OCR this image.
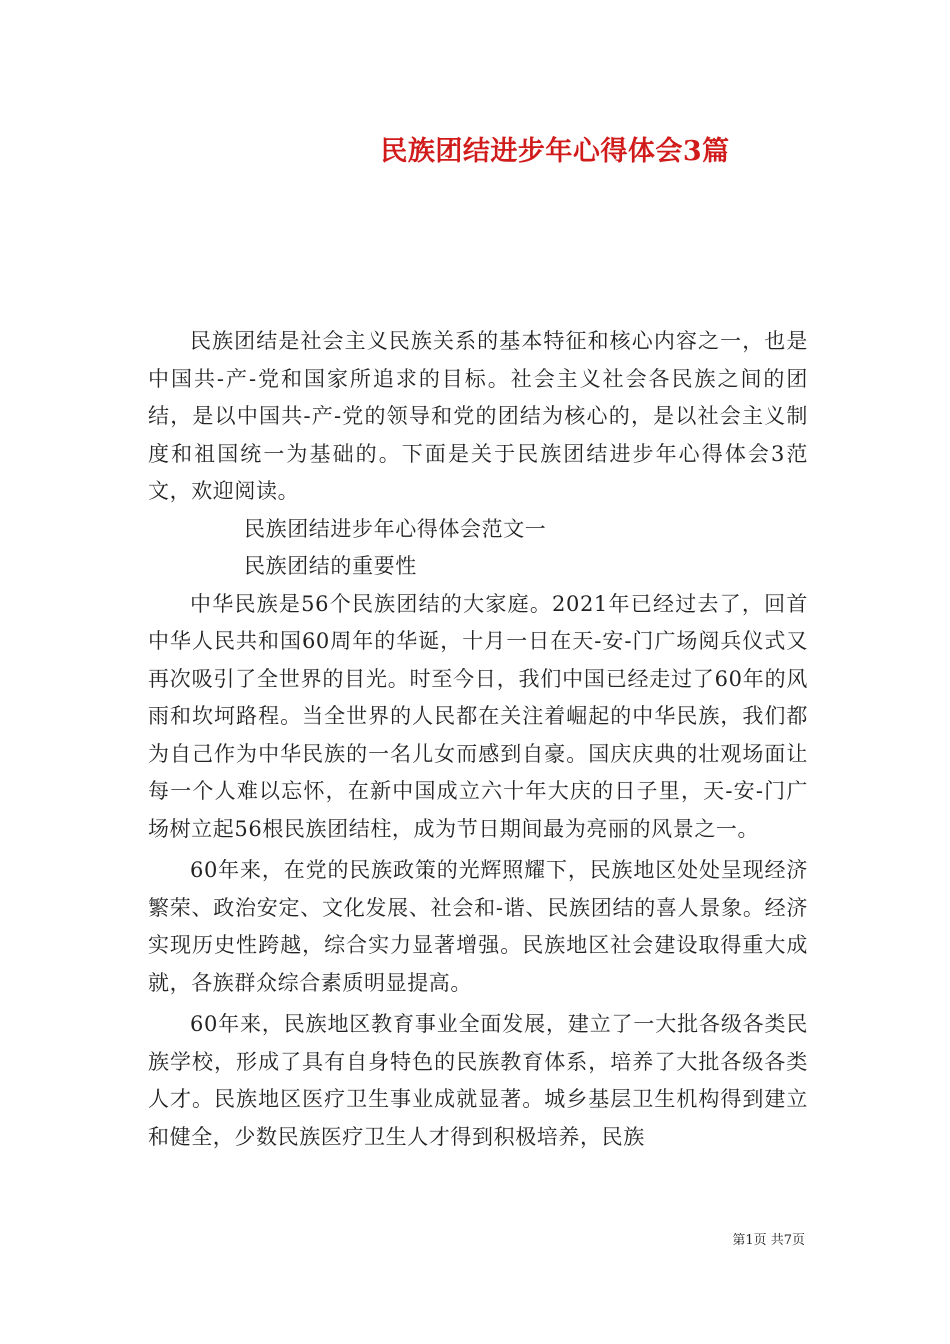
民族团结进步年心得体会3篇

民族团结是社会主义民族关系的基本特征和核心内容之一，也是中国共-产-党和国家所追求的目标。社会主义社会各民族之间的团结，是以中国共-产-党的领导和党的团结为核心的，是以社会主义制度和祖国统一为基础的。下面是关于民族团结进步年心得体会3范文，欢迎阅读。

民族团结进步年心得体会范文一

民族团结的重要性

中华民族是56个民族团结的大家庭。2021年已经过去了，回首中华人民共和国60周年的华诞，十月一日在天-安-门广场阅兵仪式又再次吸引了全世界的目光。时至今日，我们中国已经走过了60年的风雨和坎坷路程。当全世界的人民都在关注着崛起的中华民族，我们都为自己作为中华民族的一名儿女而感到自豪。国庆庆典的壮观场面让每一个人难以忘怀，在新中国成立六十年大庆的日子里，天-安-门广场树立起56根民族团结柱，成为节日期间最为亮丽的风景之一。

60年来，在党的民族政策的光辉照耀下，民族地区处处呈现经济繁荣、政治安定、文化发展、社会和-谐、民族团结的喜人景象。经济实现历史性跨越，综合实力显著增强。民族地区社会建设取得重大成就，各族群众综合素质明显提高。

60年来，民族地区教育事业全面发展，建立了一大批各级各类民族学校，形成了具有自身特色的民族教育体系，培养了大批各级各类人才。民族地区医疗卫生事业成就显著。城乡基层卫生机构得到建立和健全，少数民族医疗卫生人才得到积极培养，民族

第1页 共7页
